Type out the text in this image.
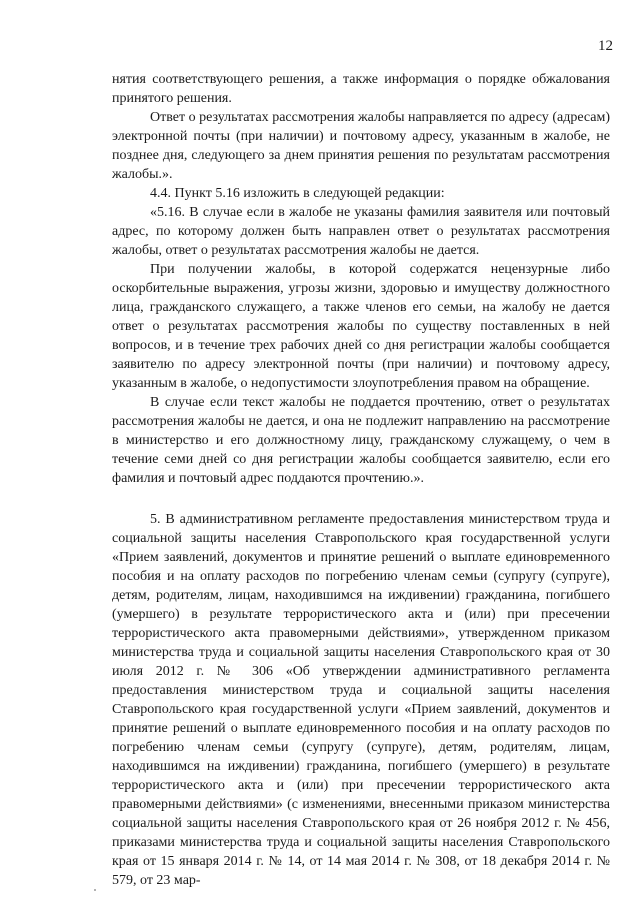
12

нятия соответствующего решения, а также информация о порядке обжалования принятого решения.

Ответ о результатах рассмотрения жалобы направляется по адресу (адресам) электронной почты (при наличии) и почтовому адресу, указанным в жалобе, не позднее дня, следующего за днем принятия решения по результатам рассмотрения жалобы.».

4.4. Пункт 5.16 изложить в следующей редакции:

«5.16. В случае если в жалобе не указаны фамилия заявителя или почтовый адрес, по которому должен быть направлен ответ о результатах рассмотрения жалобы, ответ о результатах рассмотрения жалобы не дается.

При получении жалобы, в которой содержатся нецензурные либо оскорбительные выражения, угрозы жизни, здоровью и имуществу должностного лица, гражданского служащего, а также членов его семьи, на жалобу не дается ответ о результатах рассмотрения жалобы по существу поставленных в ней вопросов, и в течение трех рабочих дней со дня регистрации жалобы сообщается заявителю по адресу электронной почты (при наличии) и почтовому адресу, указанным в жалобе, о недопустимости злоупотребления правом на обращение.

В случае если текст жалобы не поддается прочтению, ответ о результатах рассмотрения жалобы не дается, и она не подлежит направлению на рассмотрение в министерство и его должностному лицу, гражданскому служащему, о чем в течение семи дней со дня регистрации жалобы сообщается заявителю, если его фамилия и почтовый адрес поддаются прочтению.».

5. В административном регламенте предоставления министерством труда и социальной защиты населения Ставропольского края государственной услуги «Прием заявлений, документов и принятие решений о выплате единовременного пособия и на оплату расходов по погребению членам семьи (супругу (супруге), детям, родителям, лицам, находившимся на иждивении) гражданина, погибшего (умершего) в результате террористического акта и (или) при пресечении террористического акта правомерными действиями», утвержденном приказом министерства труда и социальной защиты населения Ставропольского края от 30 июля 2012 г. № 306 «Об утверждении административного регламента предоставления министерством труда и социальной защиты населения Ставропольского края государственной услуги «Прием заявлений, документов и принятие решений о выплате единовременного пособия и на оплату расходов по погребению членам семьи (супругу (супруге), детям, родителям, лицам, находившимся на иждивении) гражданина, погибшего (умершего) в результате террористического акта и (или) при пресечении террористического акта правомерными действиями» (с изменениями, внесенными приказом министерства социальной защиты населения Ставропольского края от 26 ноября 2012 г. № 456, приказами министерства труда и социальной защиты населения Ставропольского края от 15 января 2014 г. № 14, от 14 мая 2014 г. № 308, от 18 декабря 2014 г. № 579, от 23 мар-
